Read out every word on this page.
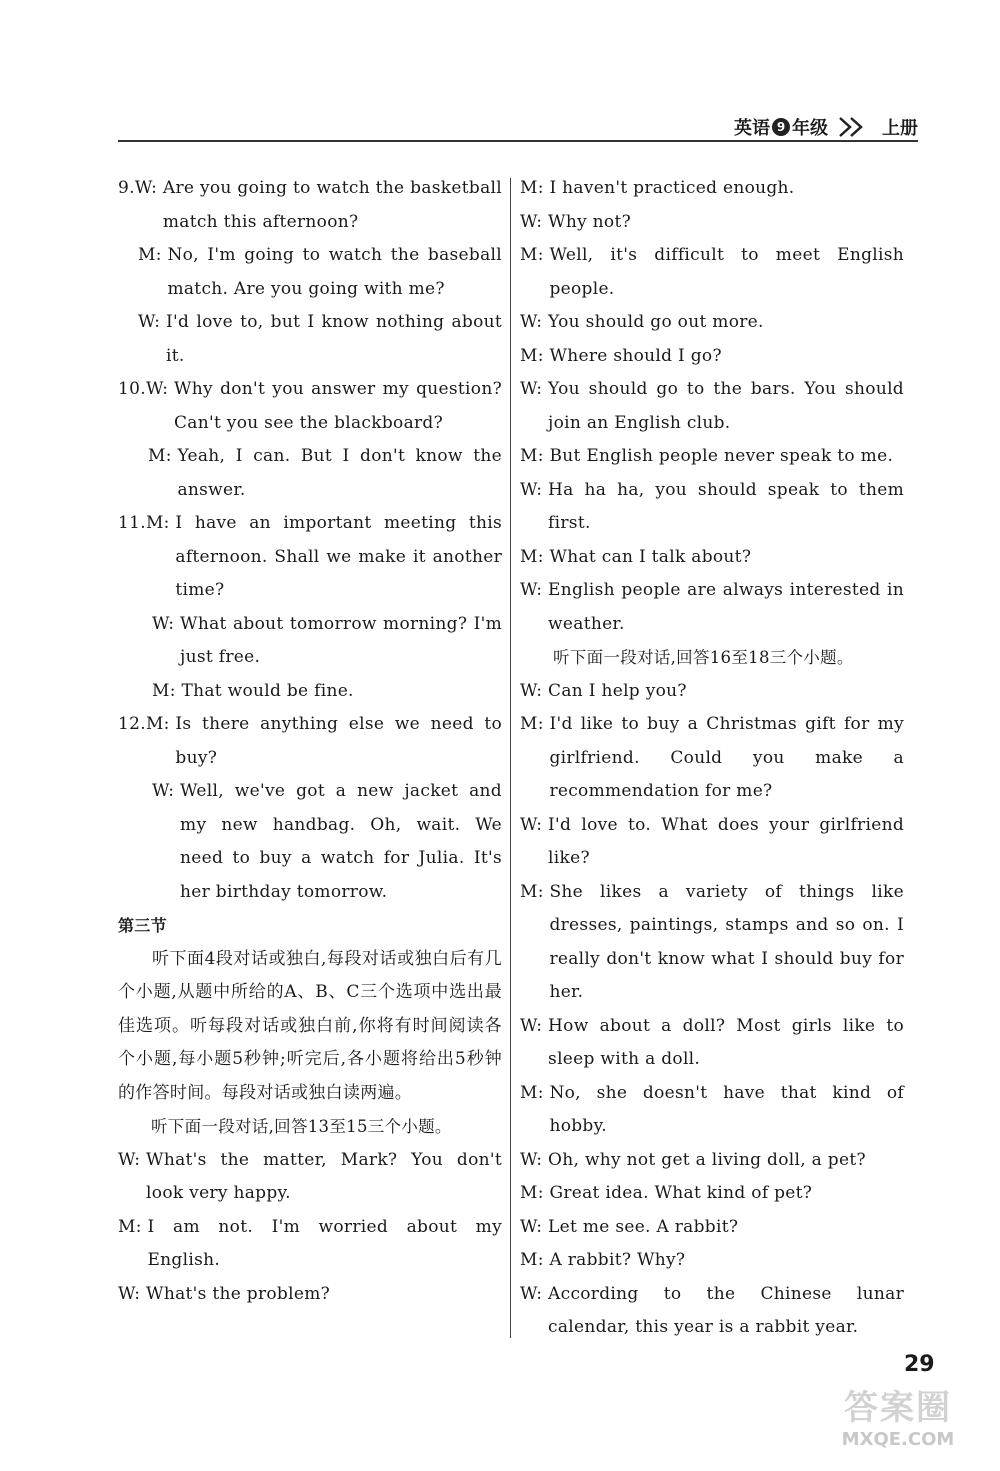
英语 9 年级	上册
9.W: Are you going to watch the basketball match this afternoon?
M:
No, I'm going to watch the baseball match. Are you going with me?
W:
I'd love to, but I know nothing about it.
10.W: Why don't you answer my question? Can't you see the blackboard?
M:
Yeah, I can. But I don't know the answer.
11.M: I have an important meeting this afternoon. Shall we make it another time?
W:
What about tomorrow morning? I'm just free.
M:
That would be fine.
12.M: Is there anything else we need to buy?
W:
Well, we've got a new jacket and my new handbag. Oh, wait. We need to buy a watch for Julia. It's her birthday tomorrow.
第三节
听下面4段对话或独白,每段对话或独白后有几个小题,从题中所给的A、B、C三个选项中选出最佳选项。听每段对话或独白前,你将有时间阅读各个小题,每小题5秒钟;听完后,各小题将给出5秒钟的作答时间。每段对话或独白读两遍。
听下面一段对话,回答13至15三个小题。
W:
What's the matter, Mark? You don't look very happy.
M:
I am not. I'm worried about my English.
W:
What's the problem?
M:
I haven't practiced enough.
W:
Why not?
M:
Well, it's difficult to meet English people.
W:
You should go out more.
M:
Where should I go?
W:
You should go to the bars. You should join an English club.
M:
But English people never speak to me.
W:
Ha ha ha, you should speak to them first.
M:
What can I talk about?
W:
English people are always interested in weather.
听下面一段对话,回答16至18三个小题。
W:
Can I help you?
M:
I'd like to buy a Christmas gift for my girlfriend. Could you make a recommendation for me?
W:
I'd love to. What does your girlfriend like?
M:
She likes a variety of things like dresses, paintings, stamps and so on. I really don't know what I should buy for her.
W:
How about a doll? Most girls like to sleep with a doll.
M:
No, she doesn't have that kind of hobby.
W:
Oh, why not get a living doll, a pet?
M:
Great idea. What kind of pet?
W:
Let me see. A rabbit?
M:
A rabbit? Why?
W:
According to the Chinese lunar calendar, this year is a rabbit year.
29
答案圈
MXQE.COM
